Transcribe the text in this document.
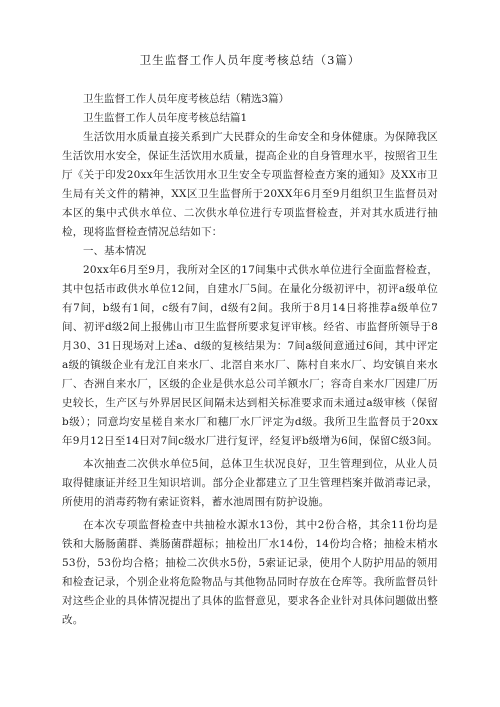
卫生监督工作人员年度考核总结（3篇）

卫生监督工作人员年度考核总结（精选3篇）

卫生监督工作人员年度考核总结篇1

生活饮用水质量直接关系到广大民群众的生命安全和身体健康。为保障我区生活饮用水安全，保证生活饮用水质量，提高企业的自身管理水平，按照省卫生厅《关于印发20xx年生活饮用水卫生安全专项监督检查方案的通知》及XX市卫生局有关文件的精神，XX区卫生监督所于20XX年6月至9月组织卫生监督员对本区的集中式供水单位、二次供水单位进行专项监督检查，并对其水质进行抽检，现将监督检查情况总结如下：

一、基本情况

20xx年6月至9月，我所对全区的17间集中式供水单位进行全面监督检查，其中包括市政供水单位12间，自建水厂5间。在量化分级初评中，初评a级单位有7间，b级有1间，c级有7间，d级有2间。我所于8月14日将推荐a级单位7间、初评d级2间上报佛山市卫生监督所要求复评审核。经省、市监督所领导于8月30、31日现场对上述a、d级的复核结果为：7间a级间意通过6间，其中评定a级的镇级企业有龙江自来水厂、北滘自来水厂、陈村自来水厂、均安镇自来水厂、杏洲自来水厂，区级的企业是供水总公司羊额水厂；容奇自来水厂因建厂历史较长，生产区与外界居民区间隔未达到相关标准要求而未通过a级审核（保留b级）；同意均安星槎自来水厂和穗厂水厂评定为d级。我所卫生监督员于20xx年9月12日至14日对7间c级水厂进行复评，经复评b级增为6间，保留C级3间。

本次抽查二次供水单位5间，总体卫生状况良好，卫生管理到位，从业人员取得健康证并经卫生知识培训。部分企业都建立了卫生管理档案并做消毒记录，所使用的消毒药物有索证资料，蓄水池周围有防护设施。

在本次专项监督检查中共抽检水源水13份，其中2份合格，其余11份均是铁和大肠肠菌群、粪肠菌群超标；抽检出厂水14份，14份均合格；抽检末梢水53份，53份均合格；抽检二次供水5份，5索证记录，使用个人防护用品的领用和检查记录，个别企业将危险物品与其他物品同时存放在仓库等。我所监督员针对这些企业的具体情况提出了具体的监督意见，要求各企业针对具体问题做出整改。
